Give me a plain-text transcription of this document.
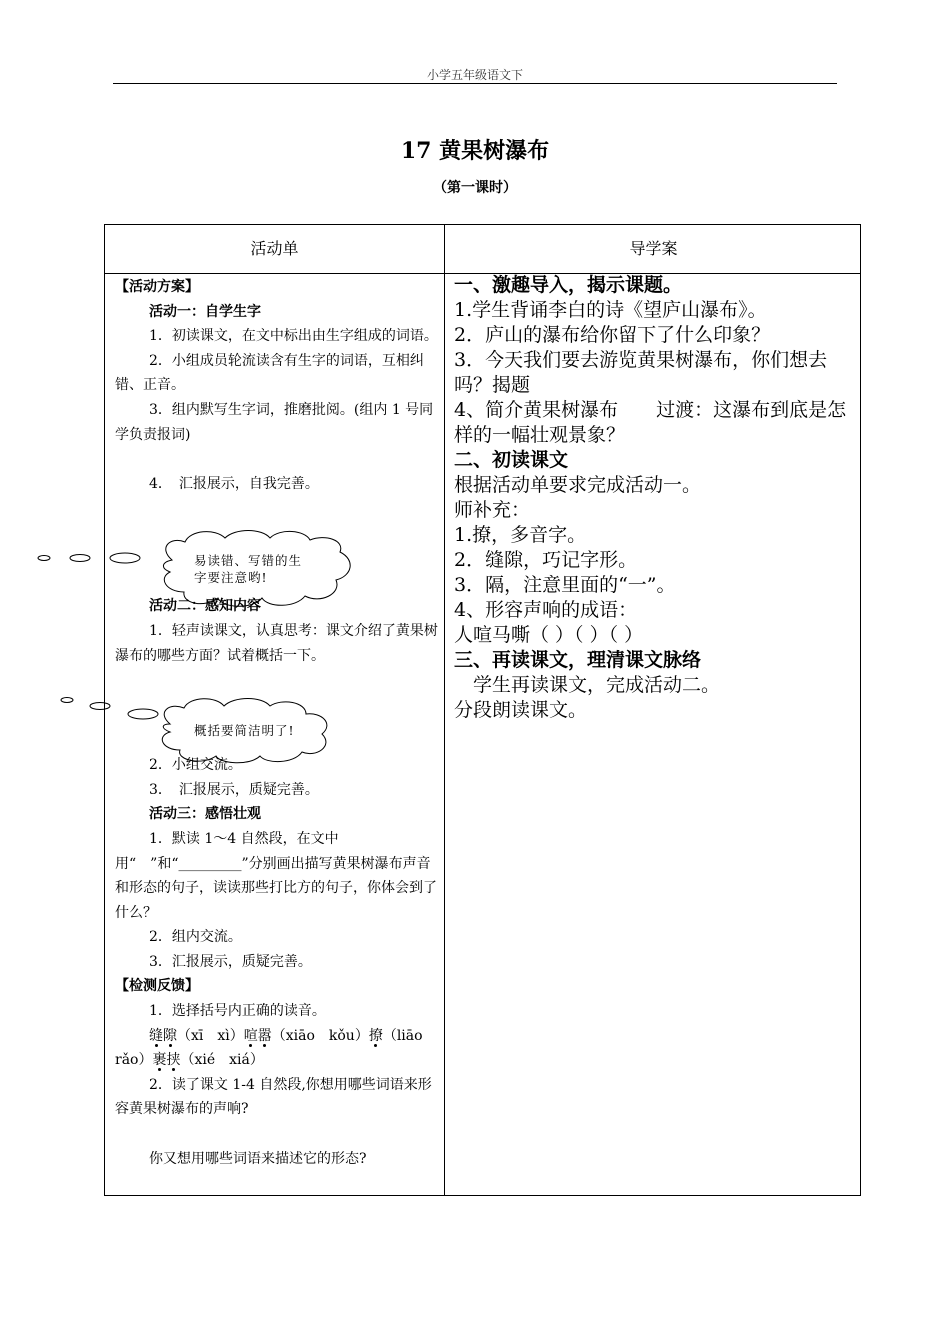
小学五年级语文下
17 黄果树瀑布
（第一课时）
活动单	导学案
【活动方案】
活动一：自学生字
1．初读课文，在文中标出由生字组成的词语。
2．小组成员轮流读含有生字的词语，互相纠错、正音。
3．组内默写生字词，推磨批阅。(组内 1 号同学负责报词)
4．　汇报展示，自我完善。
活动二：感知内容
1．轻声读课文，认真思考：课文介绍了黄果树瀑布的哪些方面？试着概括一下。
2．小组交流。
3．　汇报展示，质疑完善。
活动三：感悟壮观
1．默读 1～4 自然段，在文中用“　”和“_________”分别画出描写黄果树瀑布声音和形态的句子，读读那些打比方的句子，你体会到了什么？
2．组内交流。
3．汇报展示，质疑完善。
【检测反馈】
1．选择括号内正确的读音。
缝隙（xī　xì）喧嚣（xiāo　kǒu）撩（liāo　　rǎo）裹挟（xié　xiá）
2．读了课文 1-4 自然段,你想用哪些词语来形容黄果树瀑布的声响?
你又想用哪些词语来描述它的形态?
一、激趣导入，揭示课题。
1.学生背诵李白的诗《望庐山瀑布》。
2．庐山的瀑布给你留下了什么印象？
3．今天我们要去游览黄果树瀑布，你们想去吗？揭题
4、简介黄果树瀑布　　过渡：这瀑布到底是怎样的一幅壮观景象？
二、初读课文
根据活动单要求完成活动一。
师补充：
1.撩，多音字。
2．缝隙，巧记字形。
3．隔，注意里面的“一”。
4、形容声响的成语：
人喧马嘶（ ）（ ）（ ）
三、再读课文，理清课文脉络
　学生再读课文，完成活动二。
分段朗读课文。
易读错、写错的生字要注意哟!
概括要简洁明了!
